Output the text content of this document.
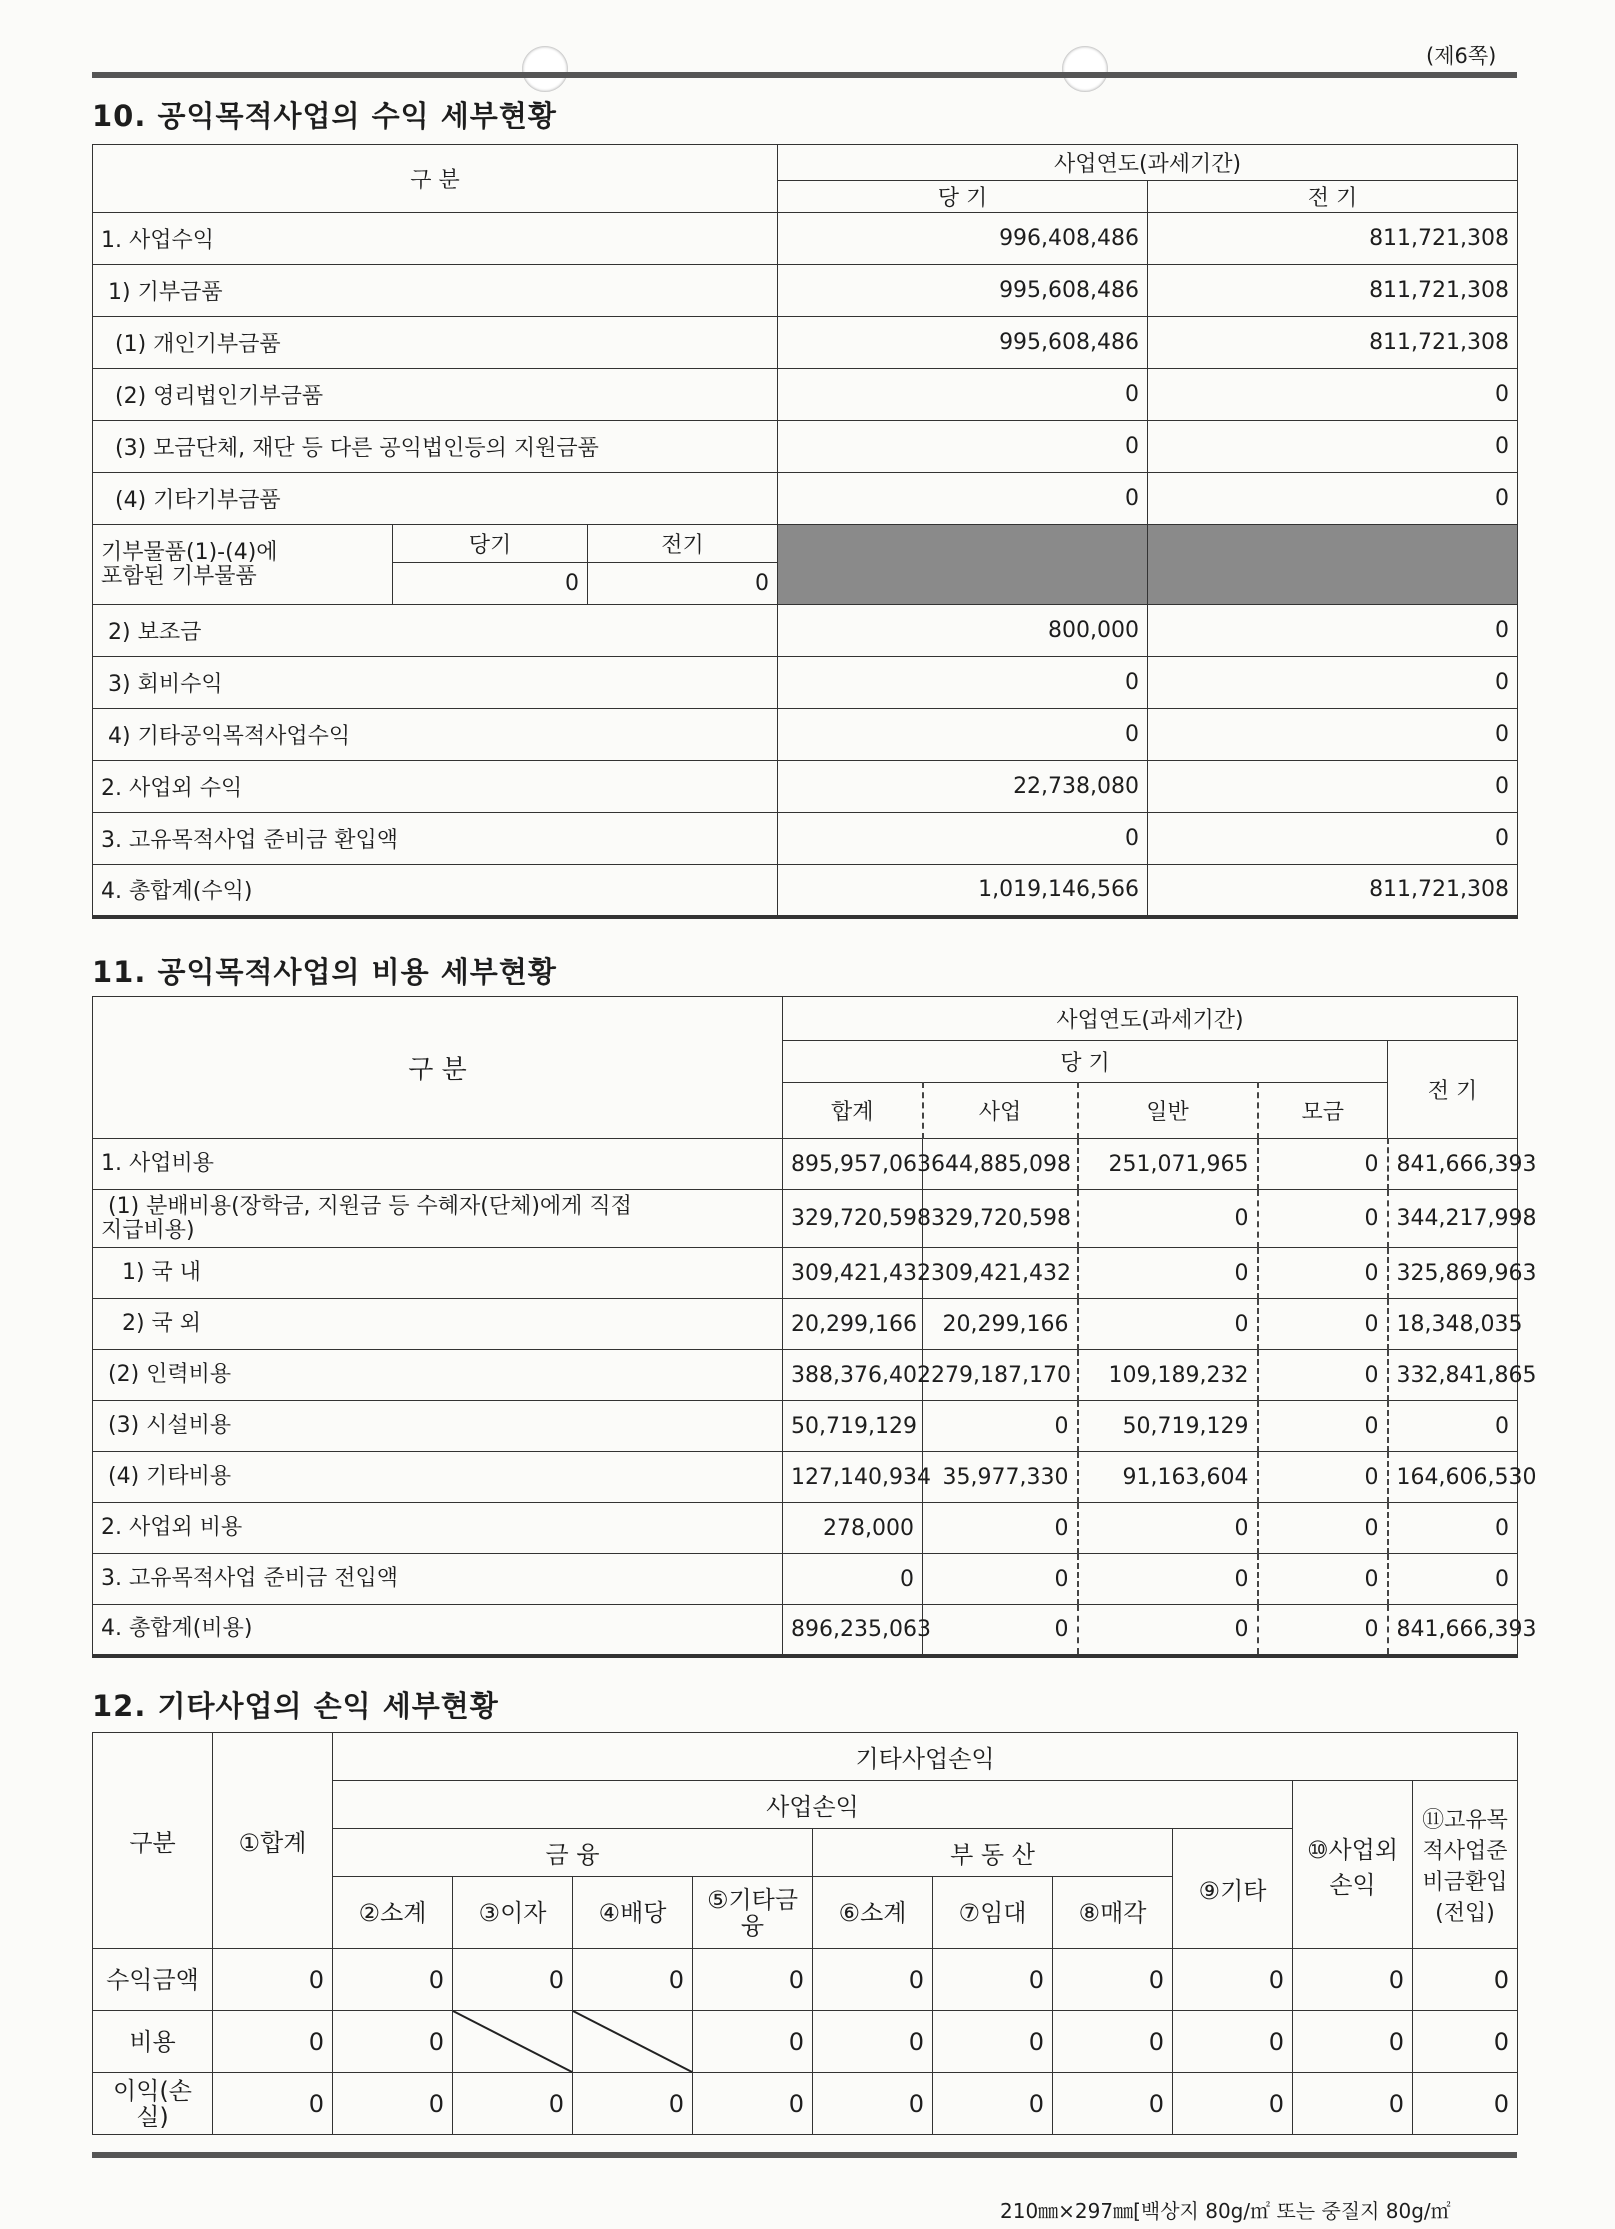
(제6쪽)
10. 공익목적사업의 수익 세부현황
구 분			사업연도(과세기간)	
			당 기	전 기
1. 사업수익			996,408,486	811,721,308
1) 기부금품			995,608,486	811,721,308
(1) 개인기부금품			995,608,486	811,721,308
(2) 영리법인기부금품			0	0
(3) 모금단체, 재단 등 다른 공익법인등의 지원금품			0	0
(4) 기타기부금품			0	0
기부물품(1)-(4)에
포함된 기부물품	당기	전기		
	0	0		
2) 보조금			800,000	0
3) 회비수익			0	0
4) 기타공익목적사업수익			0	0
2. 사업외 수익			22,738,080	0
3. 고유목적사업 준비금 환입액			0	0
4. 총합계(수익)			1,019,146,566	811,721,308
11. 공익목적사업의 비용 세부현황
구 분	사업연도(과세기간)				
	당 기				전 기
	합계	사업	일반	모금	
1. 사업비용	895,957,063	644,885,098	251,071,965	0	841,666,393
(1) 분배비용(장학금, 지원금 등 수혜자(단체)에게 직접
지급비용)	329,720,598	329,720,598	0	0	344,217,998
1) 국 내	309,421,432	309,421,432	0	0	325,869,963
2) 국 외	20,299,166	20,299,166	0	0	18,348,035
(2) 인력비용	388,376,402	279,187,170	109,189,232	0	332,841,865
(3) 시설비용	50,719,129	0	50,719,129	0	0
(4) 기타비용	127,140,934	35,977,330	91,163,604	0	164,606,530
2. 사업외 비용	278,000	0	0	0	0
3. 고유목적사업 준비금 전입액	0	0	0	0	0
4. 총합계(비용)	896,235,063	0	0	0	841,666,393
12. 기타사업의 손익 세부현황
구분	①합계	기타사업손익									
		사업손익								⑩사업외손익	⑪고유목적사업준비금환입(전입)
		금 융				부 동 산			⑨기타		
		②소계	③이자	④배당	⑤기타금융	⑥소계	⑦임대	⑧매각			
수익금액	0	0	0	0	0	0	0	0	0	0	0
비용	0	0			0	0	0	0	0	0	0
이익(손실)	0	0	0	0	0	0	0	0	0	0	0
210㎜×297㎜[백상지 80g/㎡ 또는 중질지 80g/㎡
